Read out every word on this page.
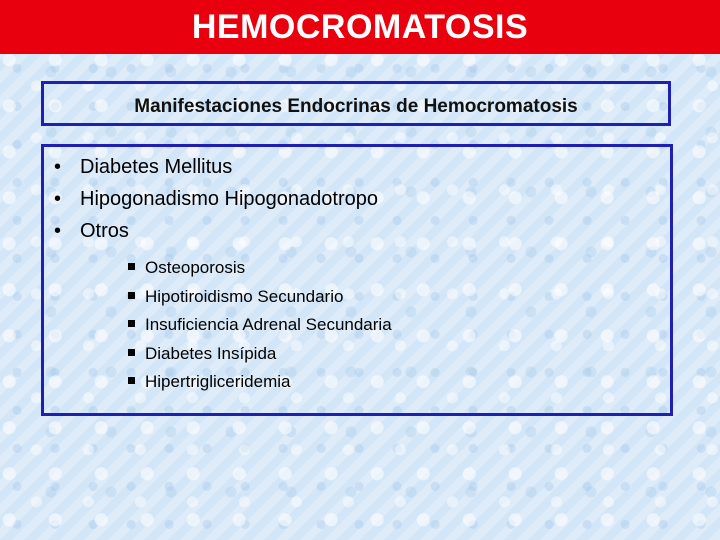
HEMOCROMATOSIS
Manifestaciones Endocrinas de Hemocromatosis
• Diabetes Mellitus
• Hipogonadismo Hipogonadotropo
• Otros
Osteoporosis
Hipotiroidismo Secundario
Insuficiencia Adrenal Secundaria
Diabetes Insípida
Hipertrigliceridemia
